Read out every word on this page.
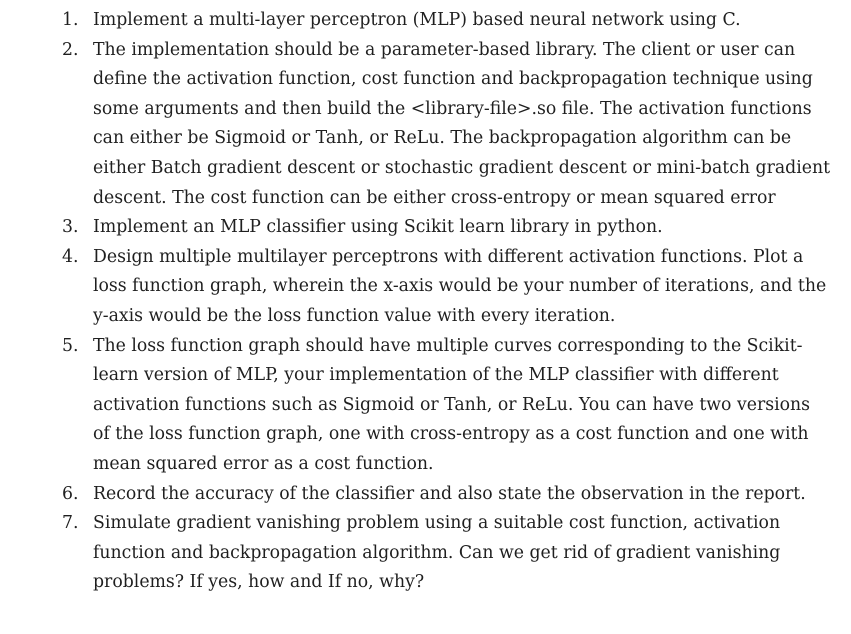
1. Implement a multi-layer perceptron (MLP) based neural network using C.
2. The implementation should be a parameter-based library. The client or user can define the activation function, cost function and backpropagation technique using some arguments and then build the <library-file>.so file. The activation functions can either be Sigmoid or Tanh, or ReLu. The backpropagation algorithm can be either Batch gradient descent or stochastic gradient descent or mini-batch gradient descent. The cost function can be either cross-entropy or mean squared error
3. Implement an MLP classifier using Scikit learn library in python.
4. Design multiple multilayer perceptrons with different activation functions. Plot a loss function graph, wherein the x-axis would be your number of iterations, and the y-axis would be the loss function value with every iteration.
5. The loss function graph should have multiple curves corresponding to the Scikit-learn version of MLP, your implementation of the MLP classifier with different activation functions such as Sigmoid or Tanh, or ReLu. You can have two versions of the loss function graph, one with cross-entropy as a cost function and one with mean squared error as a cost function.
6. Record the accuracy of the classifier and also state the observation in the report.
7. Simulate gradient vanishing problem using a suitable cost function, activation function and backpropagation algorithm. Can we get rid of gradient vanishing problems? If yes, how and If no, why?
